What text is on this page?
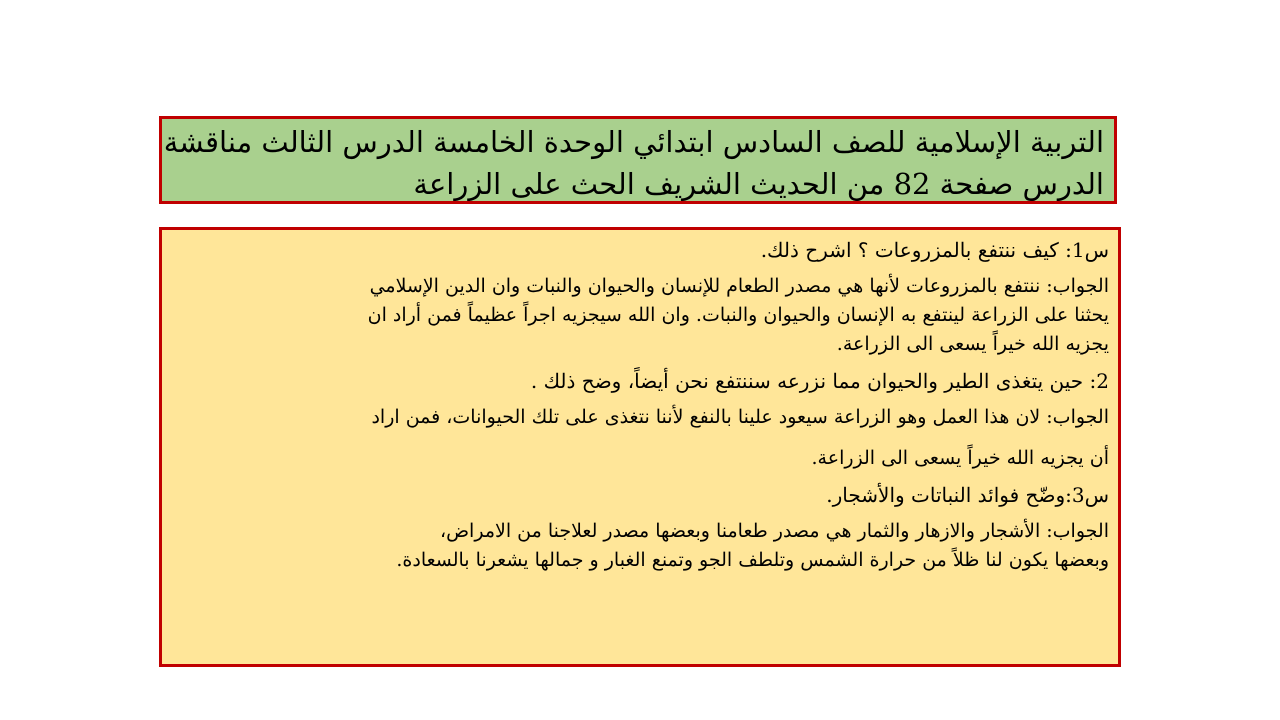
التربية الإسلامية للصف السادس ابتدائي الوحدة الخامسة الدرس الثالث مناقشة
الدرس صفحة 82 من الحديث الشريف الحث على الزراعة

س1: كيف ننتفع بالمزروعات ؟ اشرح ذلك.

الجواب: ننتفع بالمزروعات لأنها هي مصدر الطعام للإنسان والحيوان والنبات وان الدين الإسلامي

يحثنا على الزراعة لينتفع به الإنسان والحيوان والنبات. وان الله سيجزيه اجراً عظيماً فمن أراد ان

يجزيه الله خيراً يسعى الى الزراعة.

2: حين يتغذى الطير والحيوان مما نزرعه سننتفع نحن أيضاً، وضح ذلك .

الجواب: لان هذا العمل وهو الزراعة سيعود علينا بالنفع لأننا نتغذى على تلك الحيوانات، فمن اراد

أن يجزيه الله خيراً يسعى الى الزراعة.

س3:وضّح فوائد النباتات والأشجار.

الجواب: الأشجار والازهار والثمار هي مصدر طعامنا وبعضها مصدر لعلاجنا من الامراض،

وبعضها يكون لنا ظلاً من حرارة الشمس وتلطف الجو وتمنع الغبار و جمالها يشعرنا بالسعادة.
